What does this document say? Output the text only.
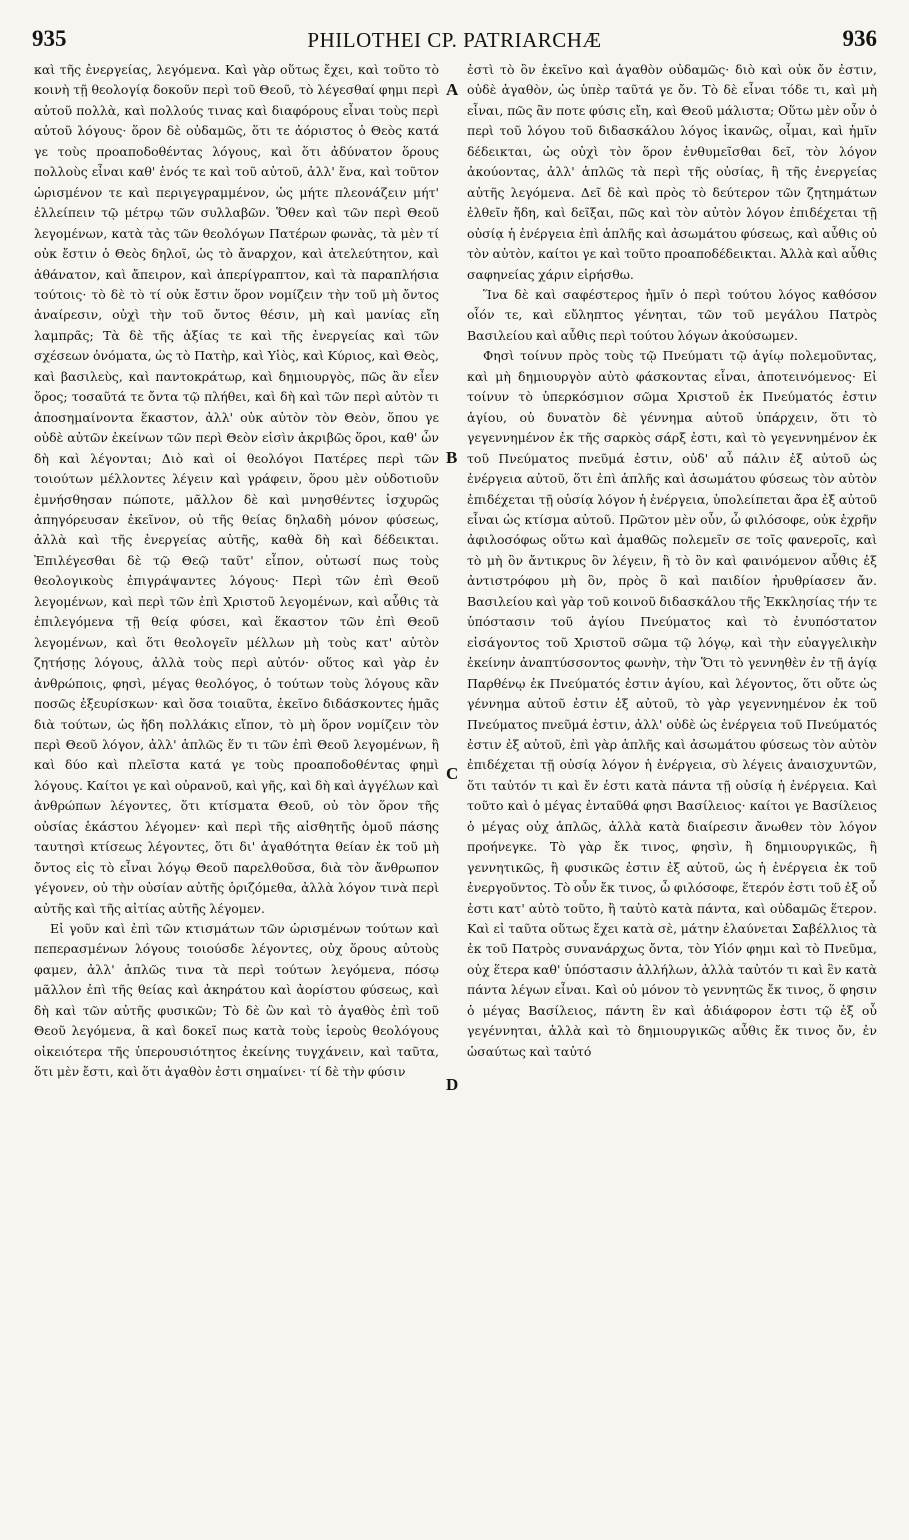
935	PHILOTHEI CP. PATRIARCHÆ	936

καὶ τῆς ἐνεργείας, λεγόμενα. Καὶ γὰρ οὕτως ἔχει, καὶ τοῦτο τὸ κοινὴ τῇ θεολογίᾳ δοκοῦν περὶ τοῦ Θεοῦ, τὸ λέγεσθαί φημι περὶ αὐτοῦ πολλὰ, καὶ πολλούς τινας καὶ διαφόρους εἶναι τοὺς περὶ αὐτοῦ λόγους· ὅρον δὲ οὐδαμῶς, ὅτι τε ἀόριστος ὁ Θεὸς κατά γε τοὺς προαποδοθέντας λόγους, καὶ ὅτι ἀδύνατον ὅρους πολλοὺς εἶναι καθ' ἑνός τε καὶ τοῦ αὐτοῦ, ἀλλ' ἕνα, καὶ τοῦτον ὡρισμένον τε καὶ περιγεγραμμένον, ὡς μήτε πλεονάζειν μήτ' ἐλλείπειν τῷ μέτρῳ τῶν συλλαβῶν. Ὅθεν καὶ τῶν περὶ Θεοῦ λεγομένων, κατὰ τὰς τῶν θεολόγων Πατέρων φωνὰς, τὰ μὲν τί οὐκ ἔστιν ὁ Θεὸς δηλοῖ, ὡς τὸ ἄναρχον, καὶ ἀτελεύτητον, καὶ ἀθάνατον, καὶ ἄπειρον, καὶ ἀπερίγραπτον, καὶ τὰ παραπλήσια τούτοις· τὸ δὲ τὸ τί οὐκ ἔστιν ὅρον νομίζειν τὴν τοῦ μὴ ὄντος ἀναίρεσιν, οὐχὶ τὴν τοῦ ὄντος θέσιν, μὴ καὶ μανίας εἴη λαμπρᾶς; Τὰ δὲ τῆς ἀξίας τε καὶ τῆς ἐνεργείας καὶ τῶν σχέσεων ὀνόματα, ὡς τὸ Πατὴρ, καὶ Υἱὸς, καὶ Κύριος, καὶ Θεὸς, καὶ βασιλεὺς, καὶ παντοκράτωρ, καὶ δημιουργὸς, πῶς ἂν εἶεν ὅρος; τοσαῦτά τε ὄντα τῷ πλήθει, καὶ δὴ καὶ τῶν περὶ αὐτὸν τι ἀποσημαίνοντα ἕκαστον, ἀλλ' οὐκ αὐτὸν τὸν Θεὸν, ὅπου γε οὐδὲ αὐτῶν ἐκείνων τῶν περὶ Θεὸν εἰσὶν ἀκριβῶς ὅροι, καθ' ὧν δὴ καὶ λέγονται; Διὸ καὶ οἱ θεολόγοι Πατέρες περὶ τῶν τοιούτων μέλλοντες λέγειν καὶ γράφειν, ὅρου μὲν οὐδοτιοῦν ἐμνήσθησαν πώποτε, μᾶλλον δὲ καὶ μνησθέντες ἰσχυρῶς ἀπηγόρευσαν ἐκεῖνον, οὐ τῆς θείας δηλαδὴ μόνον φύσεως, ἀλλὰ καὶ τῆς ἐνεργείας αὐτῆς, καθὰ δὴ καὶ δέδεικται. Ἐπιλέγεσθαι δὲ τῷ Θεῷ ταῦτ' εἶπον, οὑτωσί πως τοὺς θεολογικοὺς ἐπιγράψαντες λόγους· Περὶ τῶν ἐπὶ Θεοῦ λεγομένων, καὶ περὶ τῶν ἐπὶ Χριστοῦ λεγομένων, καὶ αὖθις τὰ ἐπιλεγόμενα τῇ θείᾳ φύσει, καὶ ἕκαστον τῶν ἐπὶ Θεοῦ λεγομένων, καὶ ὅτι θεολογεῖν μέλλων μὴ τοὺς κατ' αὐτὸν ζητήσῃς λόγους, ἀλλὰ τοὺς περὶ αὐτόν· οὕτος καὶ γὰρ ἐν ἀνθρώποις, φησὶ, μέγας θεολόγος, ὁ τούτων τοὺς λόγους κἂν ποσῶς ἐξευρίσκων· καὶ ὅσα τοιαῦτα, ἐκεῖνο διδάσκοντες ἡμᾶς διὰ τούτων, ὡς ἤδη πολλάκις εἴπον, τὸ μὴ ὅρον νομίζειν τὸν περὶ Θεοῦ λόγον, ἀλλ' ἁπλῶς ἕν τι τῶν ἐπὶ Θεοῦ λεγομένων, ἢ καὶ δύο καὶ πλεῖστα κατά γε τοὺς προαποδοθέντας φημὶ λόγους. Καίτοι γε καὶ οὐρανοῦ, καὶ γῆς, καὶ δὴ καὶ ἀγγέλων καὶ ἀνθρώπων λέγοντες, ὅτι κτίσματα Θεοῦ, οὐ τὸν ὅρον τῆς οὐσίας ἑκάστου λέγομεν· καὶ περὶ τῆς αἰσθητῆς ὁμοῦ πάσης ταυτησὶ κτίσεως λέγοντες, ὅτι δι' ἀγαθότητα θείαν ἐκ τοῦ μὴ ὄντος εἰς τὸ εἶναι λόγῳ Θεοῦ παρελθοῦσα, διὰ τὸν ἄνθρωπον γέγονεν, οὐ τὴν οὐσίαν αὐτῆς ὁριζόμεθα, ἀλλὰ λόγον τινὰ περὶ αὐτῆς καὶ τῆς αἰτίας αὐτῆς λέγομεν.

Εἰ γοῦν καὶ ἐπὶ τῶν κτισμάτων τῶν ὡρισμένων τούτων καὶ πεπερασμένων λόγους τοιούσδε λέγοντες, οὐχ ὅρους αὐτοὺς φαμεν, ἀλλ' ἁπλῶς τινα τὰ περὶ τούτων λεγόμενα, πόσῳ μᾶλλον ἐπὶ τῆς θείας καὶ ἀκηράτου καὶ ἀορίστου φύσεως, καὶ δὴ καὶ τῶν αὐτῆς φυσικῶν; Τὸ δὲ ὢν καὶ τὸ ἀγαθὸς ἐπὶ τοῦ Θεοῦ λεγόμενα, ἃ καὶ δοκεῖ πως κατὰ τοὺς ἱεροὺς θεολόγους οἰκειότερα τῆς ὑπερουσιότητος ἐκείνης τυγχάνειν, καὶ ταῦτα, ὅτι μὲν ἔστι, καὶ ὅτι ἀγαθὸν ἐστι σημαίνει· τί δὲ τὴν φύσιν

ἐστὶ τὸ ὂν ἐκεῖνο καὶ ἀγαθὸν οὐδαμῶς· διὸ καὶ οὐκ ὄν ἐστιν, οὐδὲ ἀγαθὸν, ὡς ὑπὲρ ταῦτά γε ὄν. Τὸ δὲ εἶναι τόδε τι, καὶ μὴ εἶναι, πῶς ἂν ποτε φύσις εἴη, καὶ Θεοῦ μάλιστα; Οὕτω μὲν οὖν ὁ περὶ τοῦ λόγου τοῦ διδασκάλου λόγος ἱκανῶς, οἶμαι, καὶ ἡμῖν δέδεικται, ὡς οὐχὶ τὸν ὅρον ἐνθυμεῖσθαι δεῖ, τὸν λόγον ἀκούοντας, ἀλλ' ἁπλῶς τὰ περὶ τῆς οὐσίας, ἢ τῆς ἐνεργείας αὐτῆς λεγόμενα. Δεῖ δὲ καὶ πρὸς τὸ δεύτερον τῶν ζητημάτων ἐλθεῖν ἤδη, καὶ δεῖξαι, πῶς καὶ τὸν αὐτὸν λόγον ἐπιδέχεται τῇ οὐσίᾳ ἡ ἐνέργεια ἐπὶ ἁπλῆς καὶ ἀσωμάτου φύσεως, καὶ αὖθις οὐ τὸν αὐτὸν, καίτοι γε καὶ τοῦτο προαποδέδεικται. Ἀλλὰ καὶ αὖθις σαφηνείας χάριν εἰρήσθω.

Ἵνα δὲ καὶ σαφέστερος ἡμῖν ὁ περὶ τούτου λόγος καθόσον οἷόν τε, καὶ εὔληπτος γένηται, τῶν τοῦ μεγάλου Πατρὸς Βασιλείου καὶ αὖθις περὶ τούτου λόγων ἀκούσωμεν.

Φησὶ τοίνυν πρὸς τοὺς τῷ Πνεύματι τῷ ἁγίῳ πολεμοῦντας, καὶ μὴ δημιουργὸν αὐτὸ φάσκοντας εἶναι, ἀποτεινόμενος· Εἰ τοίνυν τὸ ὑπερκόσμιον σῶμα Χριστοῦ ἐκ Πνεύματός ἐστιν ἁγίου, οὐ δυνατὸν δὲ γέννημα αὐτοῦ ὑπάρχειν, ὅτι τὸ γεγεννημένον ἐκ τῆς σαρκὸς σάρξ ἐστι, καὶ τὸ γεγεννημένον ἐκ τοῦ Πνεύματος πνεῦμά ἐστιν, οὐδ' αὖ πάλιν ἐξ αὐτοῦ ὡς ἐνέργεια αὐτοῦ, ὅτι ἐπὶ ἁπλῆς καὶ ἀσωμάτου φύσεως τὸν αὐτὸν ἐπιδέχεται τῇ οὐσίᾳ λόγον ἡ ἐνέργεια, ὑπολείπεται ἄρα ἐξ αὐτοῦ εἶναι ὡς κτίσμα αὐτοῦ. Πρῶτον μὲν οὖν, ὦ φιλόσοφε, οὐκ ἐχρῆν ἀφιλοσόφως οὕτω καὶ ἀμαθῶς πολεμεῖν σε τοῖς φανεροῖς, καὶ τὸ μὴ ὂν ἄντικρυς ὂν λέγειν, ἢ τὸ ὂν καὶ φαινόμενον αὖθις ἐξ ἀντιστρόφου μὴ ὂν, πρὸς ὃ καὶ παιδίον ἠρυθρίασεν ἄν. Βασιλείου καὶ γὰρ τοῦ κοινοῦ διδασκάλου τῆς Ἐκκλησίας τήν τε ὑπόστασιν τοῦ ἁγίου Πνεύματος καὶ τὸ ἐνυπόστατον εἰσάγοντος τοῦ Χριστοῦ σῶμα τῷ λόγῳ, καὶ τὴν εὐαγγελικὴν ἐκείνην ἀναπτύσσοντος φωνὴν, τὴν Ὅτι τὸ γεννηθὲν ἐν τῇ ἁγίᾳ Παρθένῳ ἐκ Πνεύματός ἐστιν ἁγίου, καὶ λέγοντος, ὅτι οὔτε ὡς γέννημα αὐτοῦ ἐστιν ἐξ αὐτοῦ, τὸ γὰρ γεγεννημένον ἐκ τοῦ Πνεύματος πνεῦμά ἐστιν, ἀλλ' οὐδὲ ὡς ἐνέργεια τοῦ Πνεύματός ἐστιν ἐξ αὐτοῦ, ἐπὶ γὰρ ἁπλῆς καὶ ἀσωμάτου φύσεως τὸν αὐτὸν ἐπιδέχεται τῇ οὐσίᾳ λόγον ἡ ἐνέργεια, σὺ λέγεις ἀναισχυντῶν, ὅτι ταὐτόν τι καὶ ἔν ἐστι κατὰ πάντα τῇ οὐσίᾳ ἡ ἐνέργεια. Καὶ τοῦτο καὶ ὁ μέγας ἐνταῦθά φησι Βασίλειος· καίτοι γε Βασίλειος ὁ μέγας οὐχ ἁπλῶς, ἀλλὰ κατὰ διαίρεσιν ἄνωθεν τὸν λόγον προήνεγκε. Τὸ γὰρ ἔκ τινος, φησὶν, ἢ δημιουργικῶς, ἢ γεννητικῶς, ἢ φυσικῶς ἐστιν ἐξ αὐτοῦ, ὡς ἡ ἐνέργεια ἐκ τοῦ ἐνεργοῦντος. Τὸ οὖν ἔκ τινος, ὦ φιλόσοφε, ἕτερόν ἐστι τοῦ ἐξ οὗ ἐστι κατ' αὐτὸ τοῦτο, ἢ ταὐτὸ κατὰ πάντα, καὶ οὐδαμῶς ἕτερον. Καὶ εἰ ταῦτα οὕτως ἔχει κατὰ σὲ, μάτην ἐλαύνεται Σαβέλλιος τὰ ἐκ τοῦ Πατρὸς συνανάρχως ὄντα, τὸν Υἱόν φημι καὶ τὸ Πνεῦμα, οὐχ ἕτερα καθ' ὑπόστασιν ἀλλήλων, ἀλλὰ ταὐτόν τι καὶ ἓν κατὰ πάντα λέγων εἶναι. Καὶ οὐ μόνον τὸ γεννητῶς ἔκ τινος, ὅ φησιν ὁ μέγας Βασίλειος, πάντη ἓν καὶ ἀδιάφορον ἐστι τῷ ἐξ οὗ γεγέννηται, ἀλλὰ καὶ τὸ δημιουργικῶς αὖθις ἔκ τινος ὄν, ἐν ὡσαύτως καὶ ταὐτό

A
B
C
D
